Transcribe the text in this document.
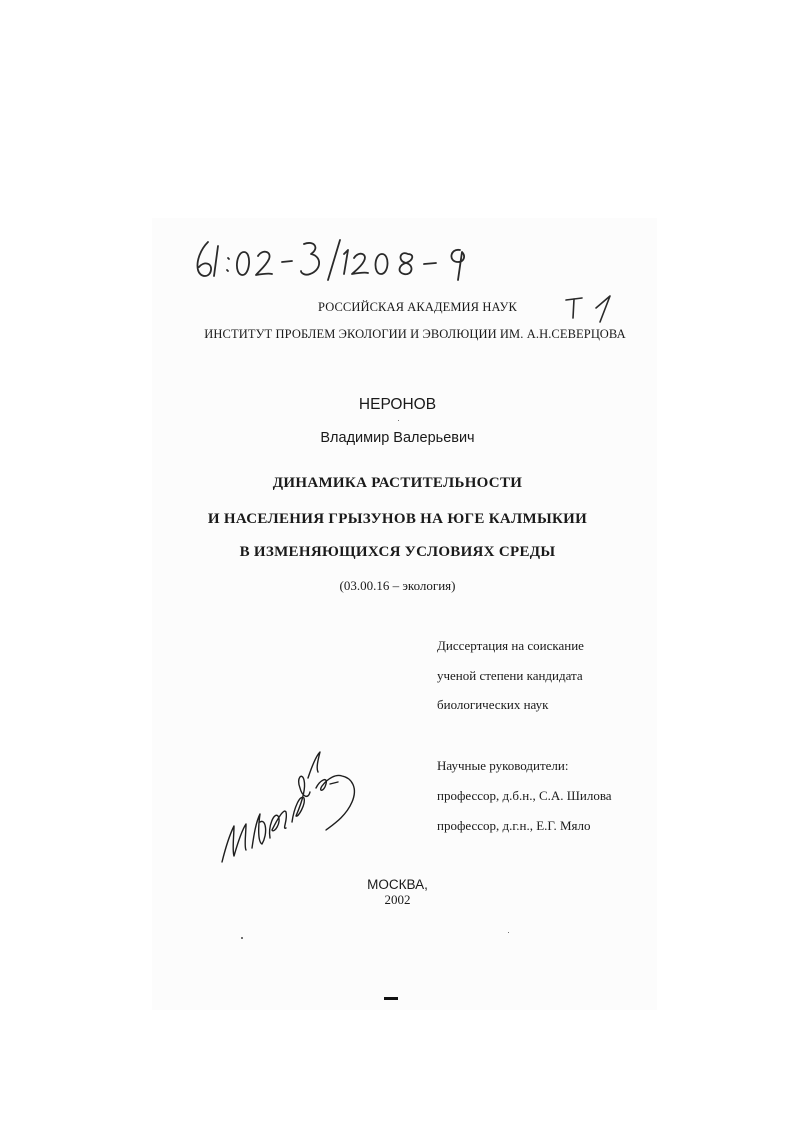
РОССИЙСКАЯ АКАДЕМИЯ НАУК
ИНСТИТУТ ПРОБЛЕМ ЭКОЛОГИИ И ЭВОЛЮЦИИ ИМ. А.Н.СЕВЕРЦОВА
НЕРОНОВ
Владимир Валерьевич
ДИНАМИКА РАСТИТЕЛЬНОСТИ
И НАСЕЛЕНИЯ ГРЫЗУНОВ НА ЮГЕ КАЛМЫКИИ
В ИЗМЕНЯЮЩИХСЯ УСЛОВИЯХ СРЕДЫ
(03.00.16 – экология)
Диссертация на соискание
ученой степени кандидата
биологических наук
Научные руководители:
профессор, д.б.н., С.А. Шилова
профессор, д.г.н., Е.Г. Мяло
МОСКВА,
2002
